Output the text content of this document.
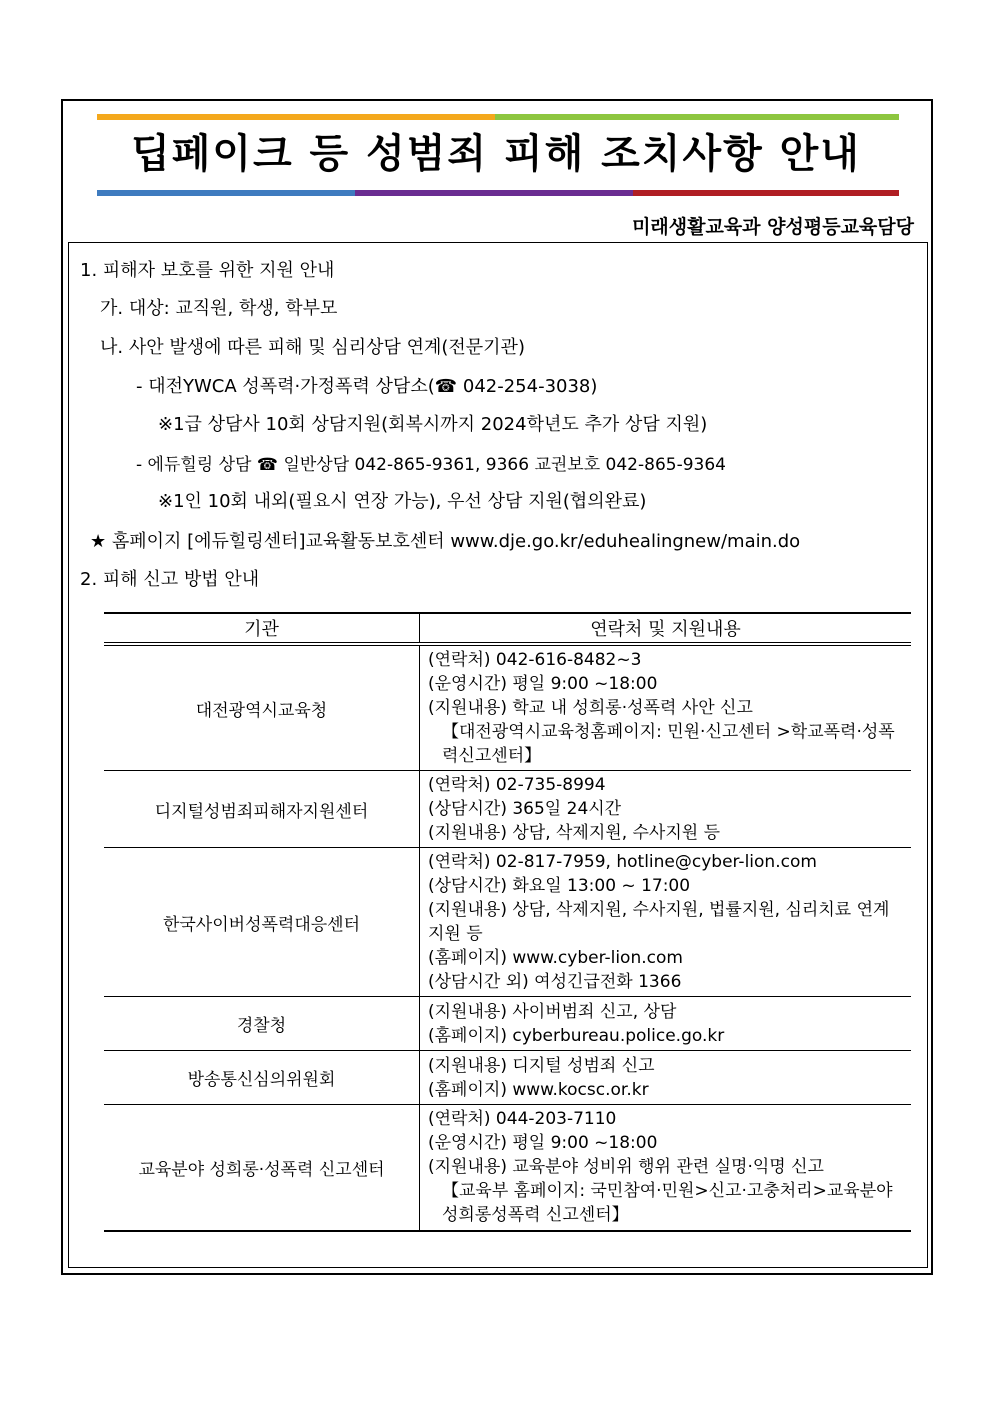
딥페이크 등 성범죄 피해 조치사항 안내
미래생활교육과 양성평등교육담당
1. 피해자 보호를 위한 지원 안내
가. 대상: 교직원, 학생, 학부모
나. 사안 발생에 따른 피해 및 심리상담 연계(전문기관)
- 대전YWCA 성폭력·가정폭력 상담소(☎ 042-254-3038)
※1급 상담사 10회 상담지원(회복시까지 2024학년도 추가 상담 지원)
- 에듀힐링 상담 ☎ 일반상담 042-865-9361, 9366 교권보호 042-865-9364
※1인 10회 내외(필요시 연장 가능), 우선 상담 지원(협의완료)
★ 홈페이지 [에듀힐링센터]교육활동보호센터 www.dje.go.kr/eduhealingnew/main.do
2. 피해 신고 방법 안내
기관	연락처 및 지원내용
대전광역시교육청	(연락처) 042-616-8482~3
(운영시간) 평일 9:00 ~18:00
(지원내용) 학교 내 성희롱·성폭력 사안 신고
【대전광역시교육청홈페이지: 민원·신고센터 >학교폭력·성폭력신고센터】

디지털성범죄피해자지원센터	(연락처) 02-735-8994
(상담시간) 365일 24시간
(지원내용) 상담, 삭제지원, 수사지원 등

한국사이버성폭력대응센터	(연락처) 02-817-7959, hotline@cyber-lion.com
(상담시간) 화요일 13:00 ~ 17:00
(지원내용) 상담, 삭제지원, 수사지원, 법률지원, 심리치료 연계지원 등
(홈페이지) www.cyber-lion.com
(상담시간 외) 여성긴급전화 1366

경찰청	(지원내용) 사이버범죄 신고, 상담
(홈페이지) cyberbureau.police.go.kr

방송통신심의위원회	(지원내용) 디지털 성범죄 신고
(홈페이지) www.kocsc.or.kr

교육분야 성희롱·성폭력 신고센터	(연락처) 044-203-7110
(운영시간) 평일 9:00 ~18:00
(지원내용) 교육분야 성비위 행위 관련 실명·익명 신고
【교육부 홈페이지: 국민참여·민원>신고·고충처리>교육분야 성희롱성폭력 신고센터】
